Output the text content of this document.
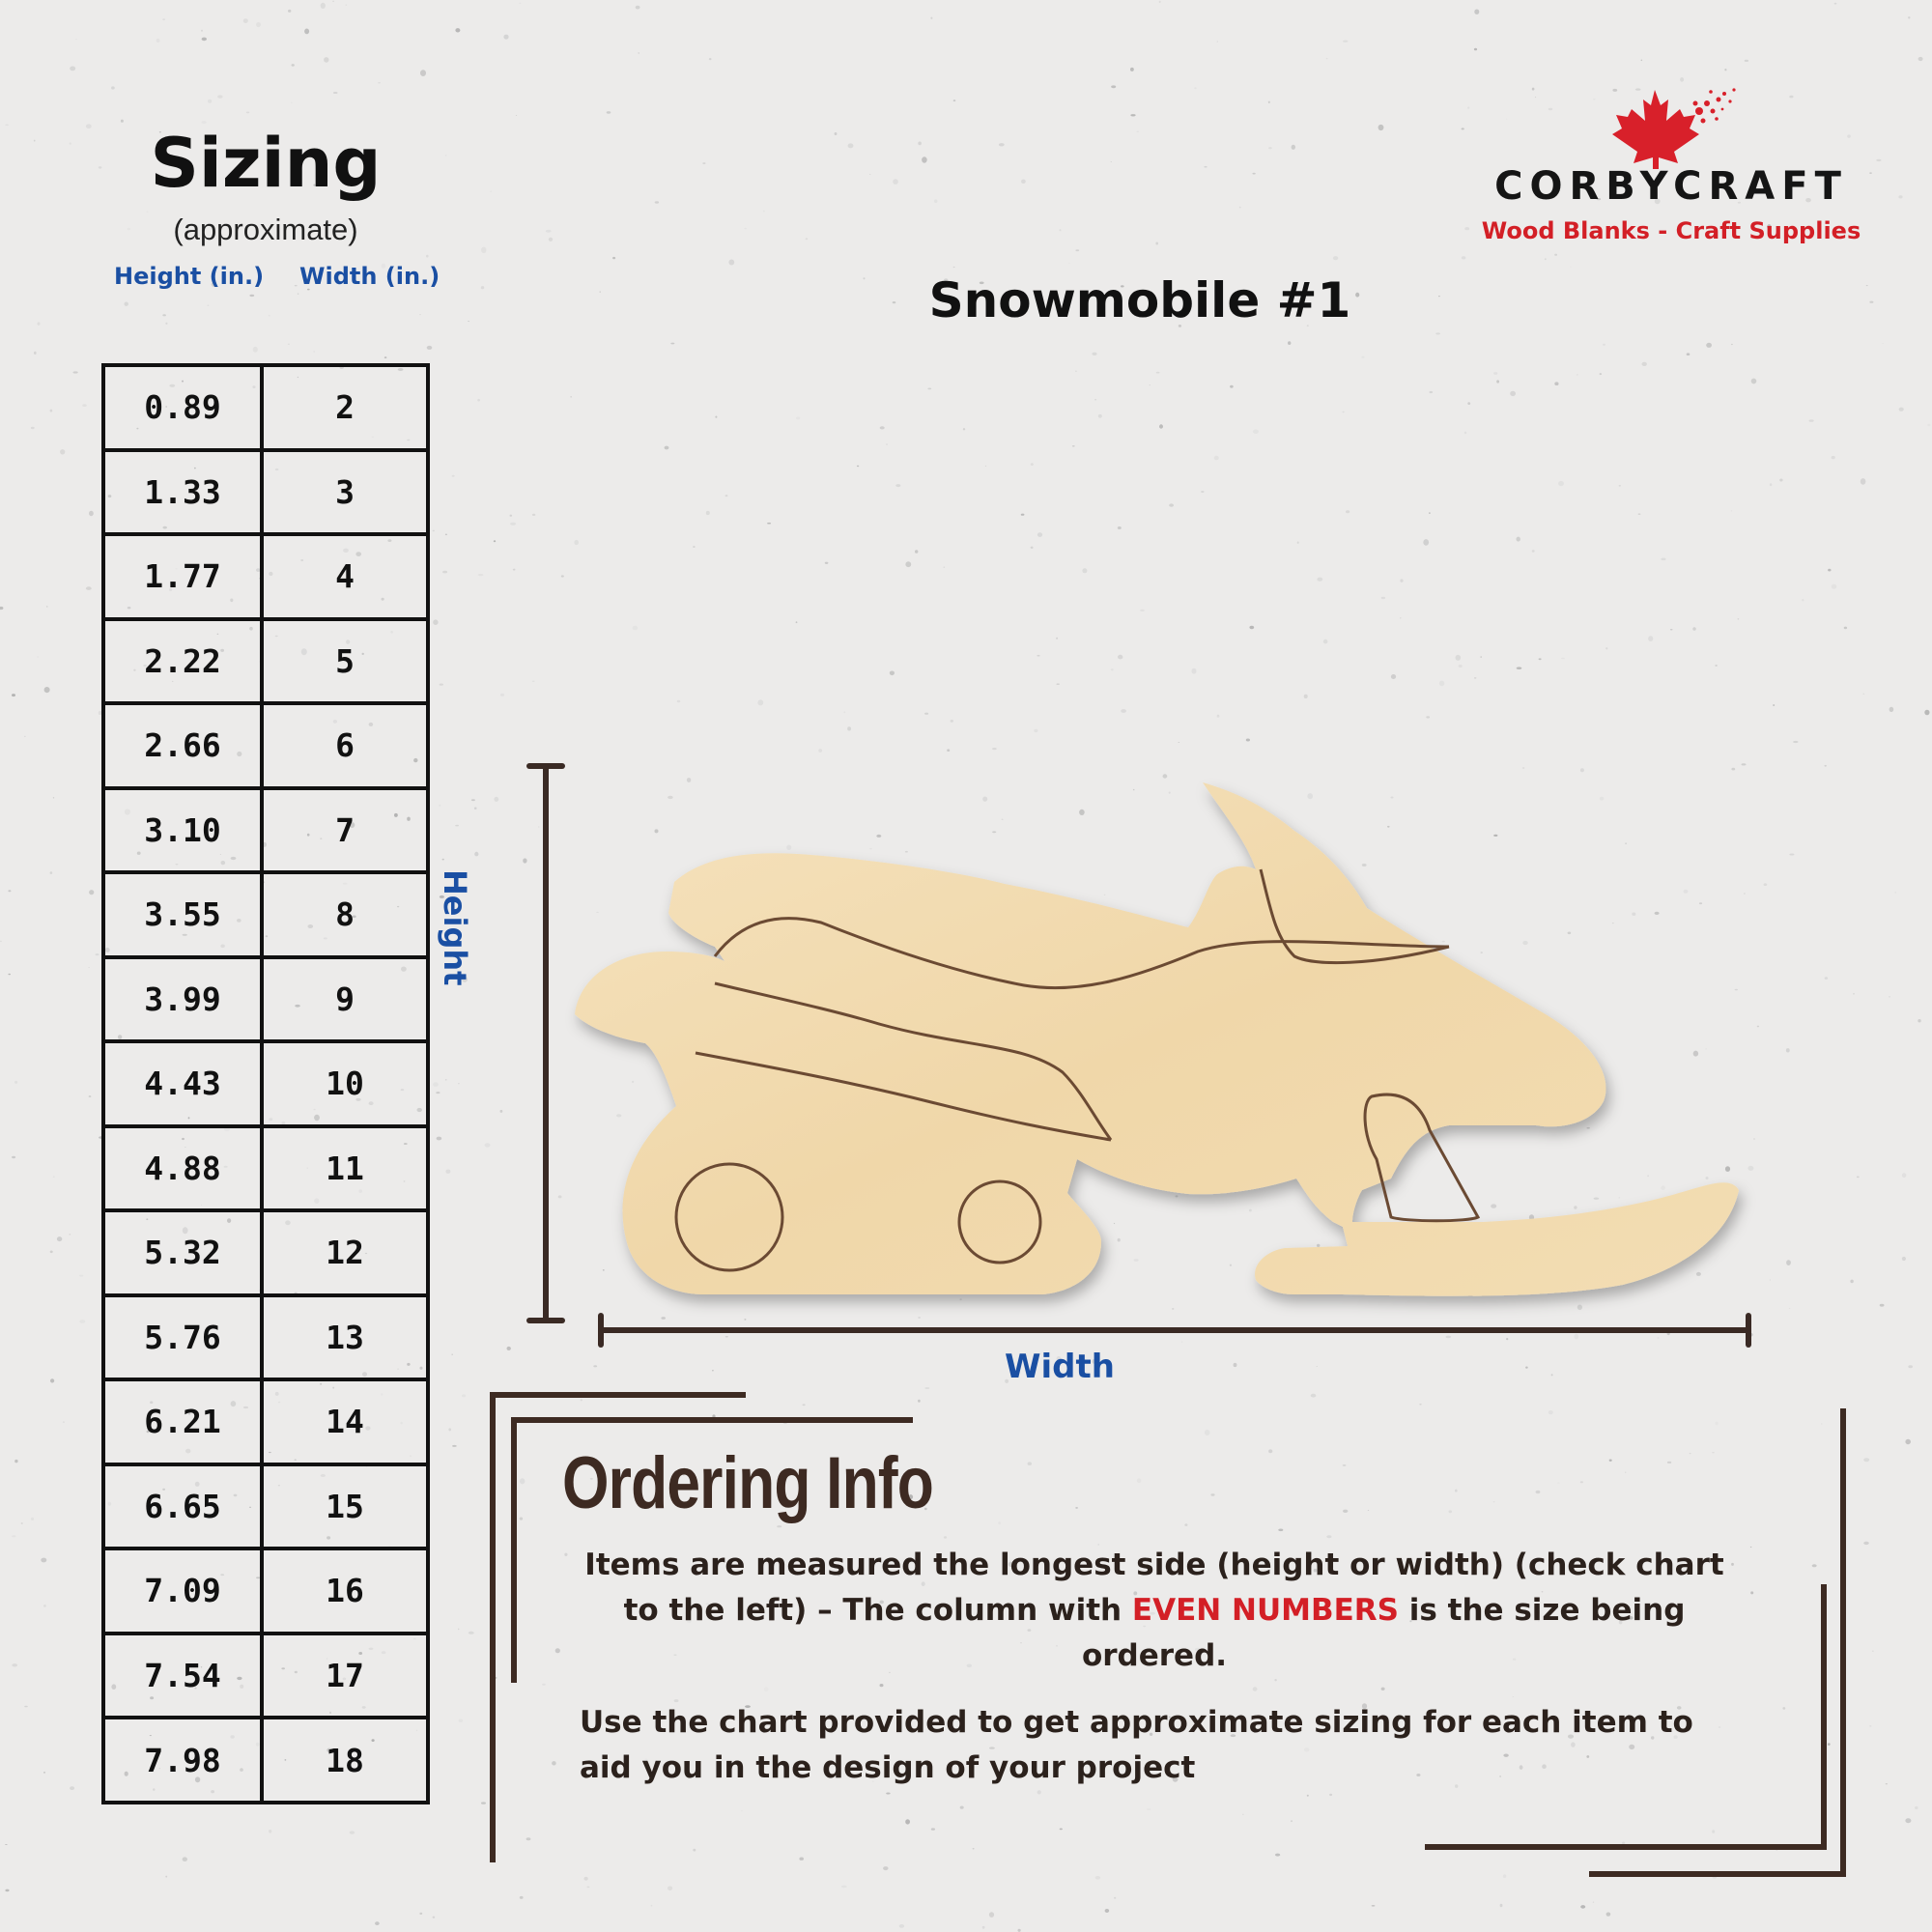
Sizing
(approximate)
Height (in.) Width (in.)
0.89	2
1.33	3
1.77	4
2.22	5
2.66	6
3.10	7
3.55	8
3.99	9
4.43	10
4.88	11
5.32	12
5.76	13
6.21	14
6.65	15
7.09	16
7.54	17
7.98	18
CORBYCRAFT
Wood Blanks - Craft Supplies
Snowmobile #1
Height
Width
Ordering Info
Items are measured the longest side (height or width) (check chart to the left) – The column with EVEN NUMBERS is the size being ordered.
Use the chart provided to get approximate sizing for each item to aid you in the design of your project
